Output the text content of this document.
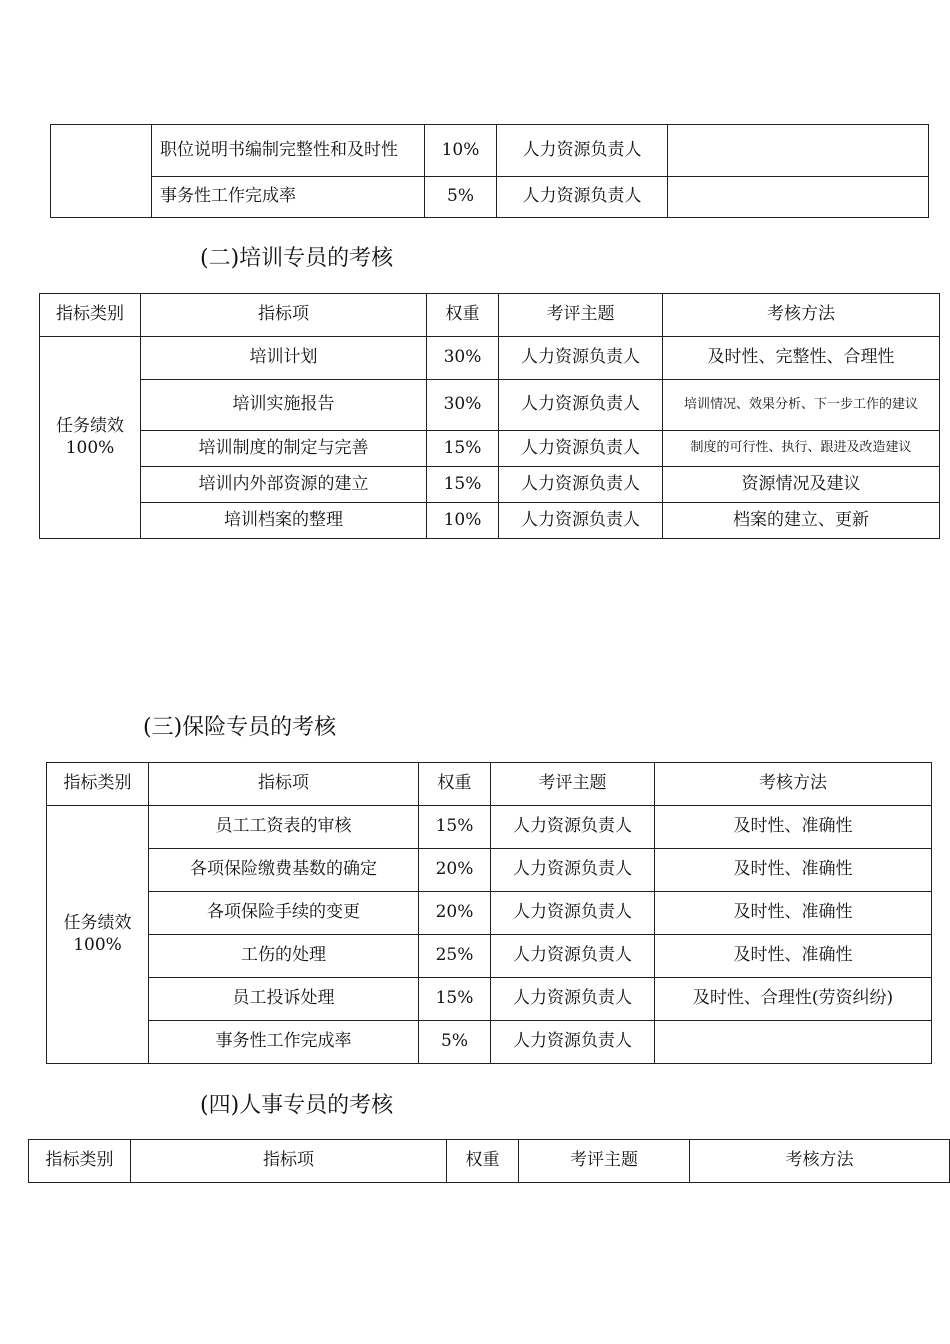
	职位说明书编制完整性和及时性	10%	人力资源负责人	
	事务性工作完成率	5%	人力资源负责人	
(二)培训专员的考核
指标类别	指标项	权重	考评主题	考核方法
任务绩效100%	培训计划	30%	人力资源负责人	及时性、完整性、合理性
	培训实施报告	30%	人力资源负责人	培训情况、效果分析、下一步工作的建议
	培训制度的制定与完善	15%	人力资源负责人	制度的可行性、执行、跟进及改造建议
	培训内外部资源的建立	15%	人力资源负责人	资源情况及建议
	培训档案的整理	10%	人力资源负责人	档案的建立、更新
(三)保险专员的考核
指标类别	指标项	权重	考评主题	考核方法
任务绩效100%	员工工资表的审核	15%	人力资源负责人	及时性、准确性
	各项保险缴费基数的确定	20%	人力资源负责人	及时性、准确性
	各项保险手续的变更	20%	人力资源负责人	及时性、准确性
	工伤的处理	25%	人力资源负责人	及时性、准确性
	员工投诉处理	15%	人力资源负责人	及时性、合理性(劳资纠纷)
	事务性工作完成率	5%	人力资源负责人	
(四)人事专员的考核
指标类别	指标项	权重	考评主题	考核方法
